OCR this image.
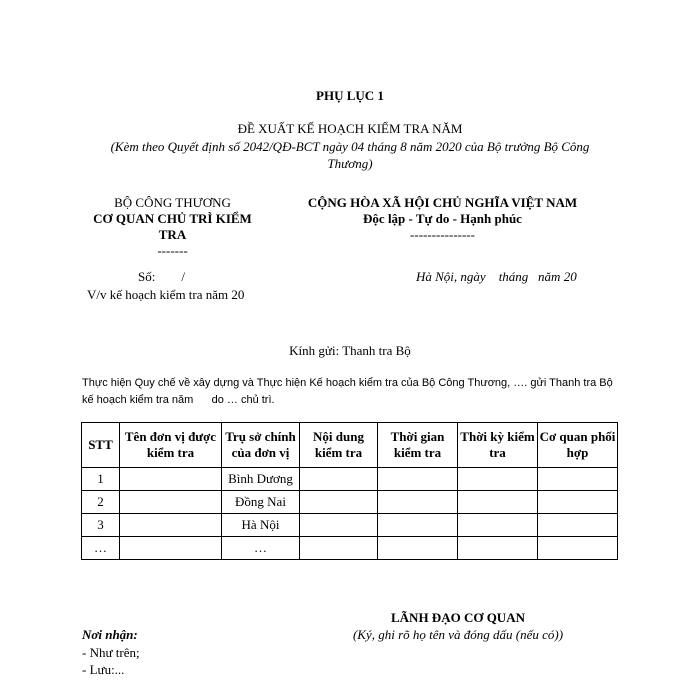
PHỤ LỤC 1
ĐỀ XUẤT KẾ HOẠCH KIỂM TRA NĂM
(Kèm theo Quyết định số 2042/QĐ-BCT ngày 04 tháng 8 năm 2020 của Bộ trưởng Bộ Công Thương)
BỘ CÔNG THƯƠNG
CƠ QUAN CHỦ TRÌ KIỂM TRA
-------
CỘNG HÒA XÃ HỘI CHỦ NGHĨA VIỆT NAM
Độc lập - Tự do - Hạnh phúc
---------------
Số:        /
V/v kế hoạch kiểm tra năm 20
Hà Nội, ngày    tháng   năm 20
Kính gửi: Thanh tra Bộ
Thực hiện Quy chế về xây dựng và Thực hiện Kế hoạch kiểm tra của Bộ Công Thương, …. gửi Thanh tra Bộ kế hoạch kiểm tra năm      do … chủ trì.
STT	Tên đơn vị được kiểm tra	Trụ sở chính của đơn vị	Nội dung kiểm tra	Thời gian kiểm tra	Thời kỳ kiểm tra	Cơ quan phối hợp
1		Bình Dương				
2		Đồng Nai				
3		Hà Nội				
…		…				
LÃNH ĐẠO CƠ QUAN
(Ký, ghi rõ họ tên và đóng dấu (nếu có))
Nơi nhận:
- Như trên;
- Lưu:...
